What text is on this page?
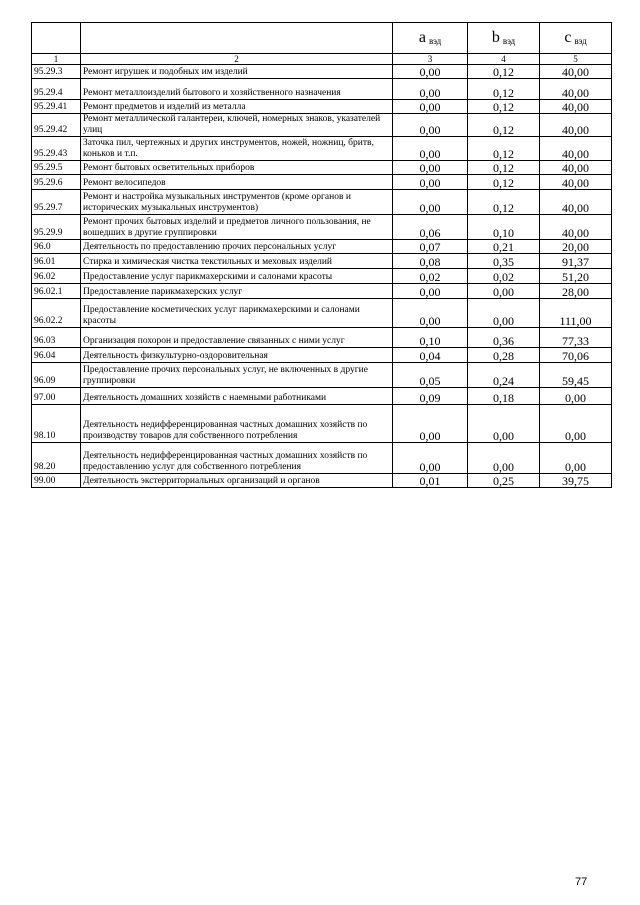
		a $_{вэд}$	b $_{вэд}$	c $_{вэд}$
1	2	3	4	5
95.29.3	Ремонт игрушек и подобных им изделий	0,00	0,12	40,00
95.29.4	Ремонт металлоизделий бытового и хозяйственного назначения	0,00	0,12	40,00
95.29.41	Ремонт предметов и изделий из металла	0,00	0,12	40,00
95.29.42	Ремонт металлической галантереи, ключей, номерных знаков, указателей улиц	0,00	0,12	40,00
95.29.43	Заточка пил, чертежных и других инструментов, ножей, ножниц, бритв, коньков и т.п.	0,00	0,12	40,00
95.29.5	Ремонт бытовых осветительных приборов	0,00	0,12	40,00
95.29.6	Ремонт велосипедов	0,00	0,12	40,00
95.29.7	Ремонт и настройка музыкальных инструментов (кроме органов и исторических музыкальных инструментов)	0,00	0,12	40,00
95.29.9	Ремонт прочих бытовых изделий и предметов личного пользования, не вошедших в другие группировки	0,06	0,10	40,00
96.0	Деятельность по предоставлению прочих персональных услуг	0,07	0,21	20,00
96.01	Стирка и химическая чистка текстильных и меховых изделий	0,08	0,35	91,37
96.02	Предоставление услуг парикмахерскими и салонами красоты	0,02	0,02	51,20
96.02.1	Предоставление парикмахерских услуг	0,00	0,00	28,00
96.02.2	Предоставление косметических услуг парикмахерскими и салонами красоты	0,00	0,00	111,00
96.03	Организация похорон и предоставление связанных с ними услуг	0,10	0,36	77,33
96.04	Деятельность физкультурно-оздоровительная	0,04	0,28	70,06
96.09	Предоставление прочих персональных услуг, не включенных в другие группировки	0,05	0,24	59,45
97.00	Деятельность домашних хозяйств с наемными работниками	0,09	0,18	0,00
98.10	Деятельность недифференцированная частных домашних хозяйств по производству товаров для собственного потребления	0,00	0,00	0,00
98.20	Деятельность недифференцированная частных домашних хозяйств по предоставлению услуг для собственного потребления	0,00	0,00	0,00
99.00	Деятельность экстерриториальных организаций и органов	0,01	0,25	39,75
77
